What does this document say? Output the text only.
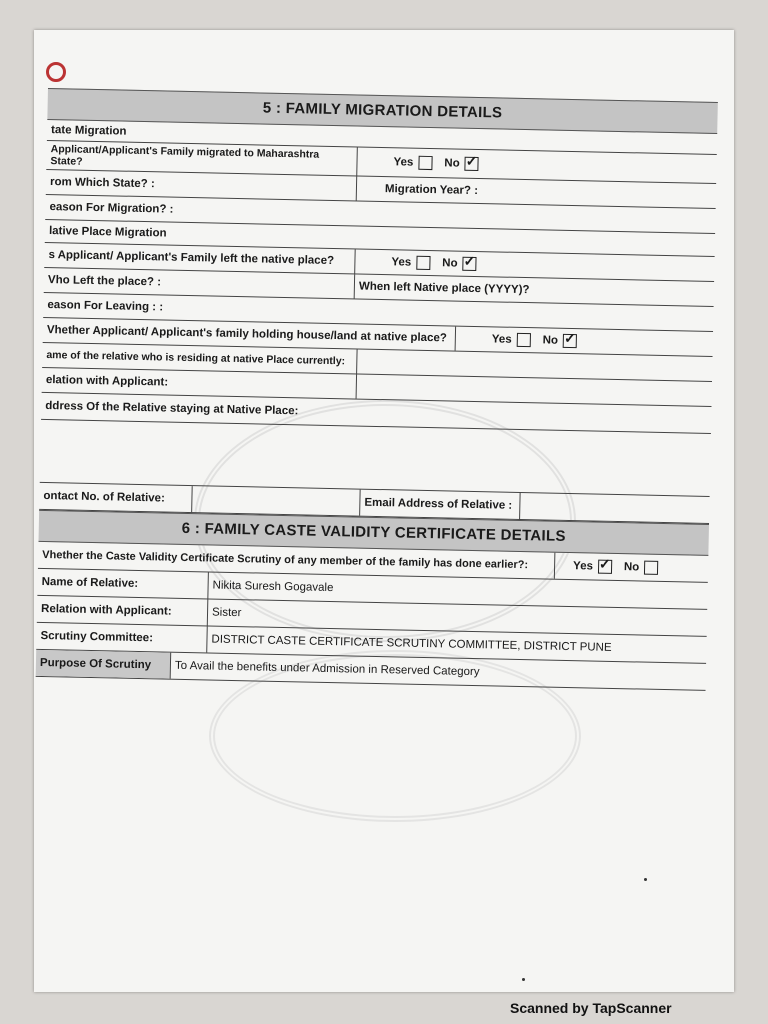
5 : FAMILY MIGRATION DETAILS
tate Migration
Applicant/Applicant's Family migrated to Maharashtra State?	Yes	No
✓
rom Which State? :	Migration Year? :
eason For Migration? :
lative Place Migration
s Applicant/ Applicant's Family left the native place?	Yes	No
✓
Vho Left the place? :	When left Native place (YYYY)?
eason For Leaving : :
Vhether Applicant/ Applicant's family holding house/land at native place?	Yes	No
✓
ame of the relative who is residing at native Place currently:
elation with Applicant:
ddress Of the Relative staying at Native Place:
ontact No. of Relative:	Email Address of Relative :
6 : FAMILY CASTE VALIDITY CERTIFICATE DETAILS
Vhether the Caste Validity Certificate Scrutiny of any member of the family has done earlier?:	Yes
✓	No
Name of Relative:	Nikita Suresh Gogavale
Relation with Applicant:	Sister
Scrutiny Committee:	DISTRICT CASTE CERTIFICATE SCRUTINY COMMITTEE, DISTRICT PUNE
Purpose Of Scrutiny	To Avail the benefits under Admission in Reserved Category
Scanned by TapScanner
